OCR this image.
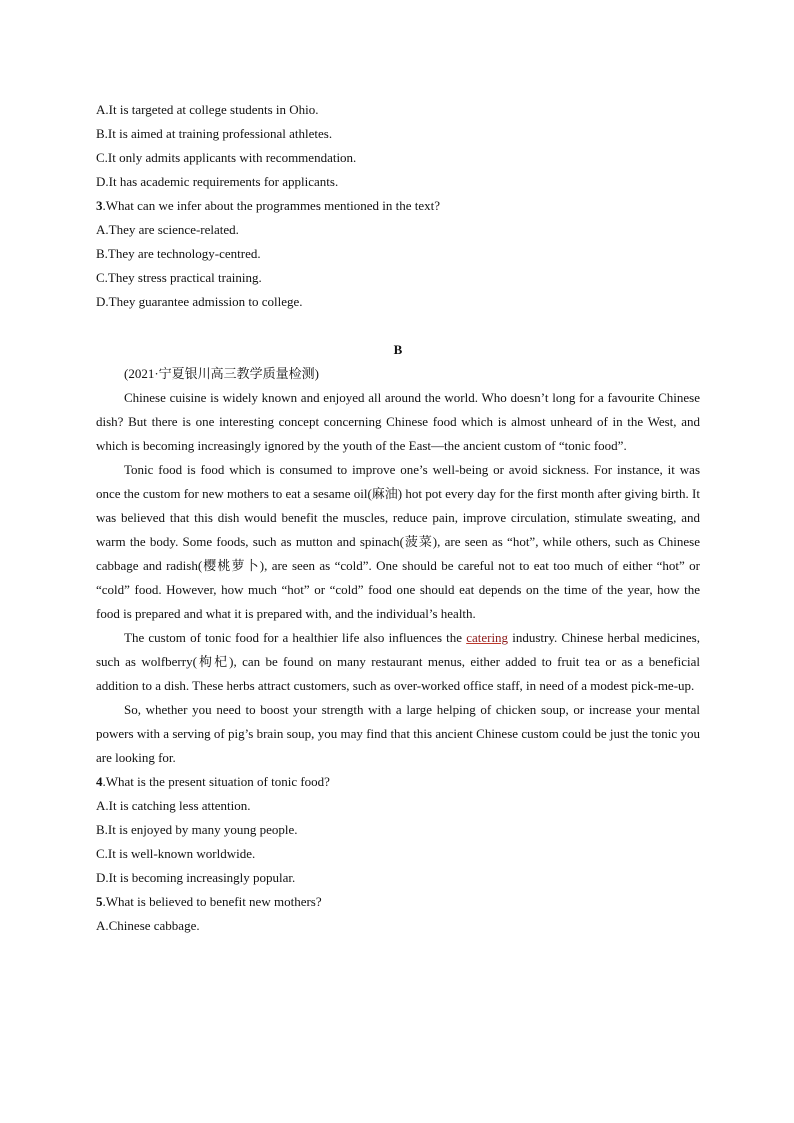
A.It is targeted at college students in Ohio.
B.It is aimed at training professional athletes.
C.It only admits applicants with recommendation.
D.It has academic requirements for applicants.
3.What can we infer about the programmes mentioned in the text?
A.They are science-related.
B.They are technology-centred.
C.They stress practical training.
D.They guarantee admission to college.
B
(2021·宁夏银川高三教学质量检测)

Chinese cuisine is widely known and enjoyed all around the world. Who doesn’t long for a favourite Chinese dish? But there is one interesting concept concerning Chinese food which is almost unheard of in the West, and which is becoming increasingly ignored by the youth of the East—the ancient custom of “tonic food”.

Tonic food is food which is consumed to improve one’s well-being or avoid sickness. For instance, it was once the custom for new mothers to eat a sesame oil(麻油) hot pot every day for the first month after giving birth. It was believed that this dish would benefit the muscles, reduce pain, improve circulation, stimulate sweating, and warm the body. Some foods, such as mutton and spinach(菠菜), are seen as “hot”, while others, such as Chinese cabbage and radish(樱桃萝卜), are seen as “cold”. One should be careful not to eat too much of either “hot” or “cold” food. However, how much “hot” or “cold” food one should eat depends on the time of the year, how the food is prepared and what it is prepared with, and the individual’s health.

The custom of tonic food for a healthier life also influences the catering industry. Chinese herbal medicines, such as wolfberry(枸杞), can be found on many restaurant menus, either added to fruit tea or as a beneficial addition to a dish. These herbs attract customers, such as over-worked office staff, in need of a modest pick-me-up.

So, whether you need to boost your strength with a large helping of chicken soup, or increase your mental powers with a serving of pig’s brain soup, you may find that this ancient Chinese custom could be just the tonic you are looking for.

4.What is the present situation of tonic food?
A.It is catching less attention.
B.It is enjoyed by many young people.
C.It is well-known worldwide.
D.It is becoming increasingly popular.
5.What is believed to benefit new mothers?
A.Chinese cabbage.
